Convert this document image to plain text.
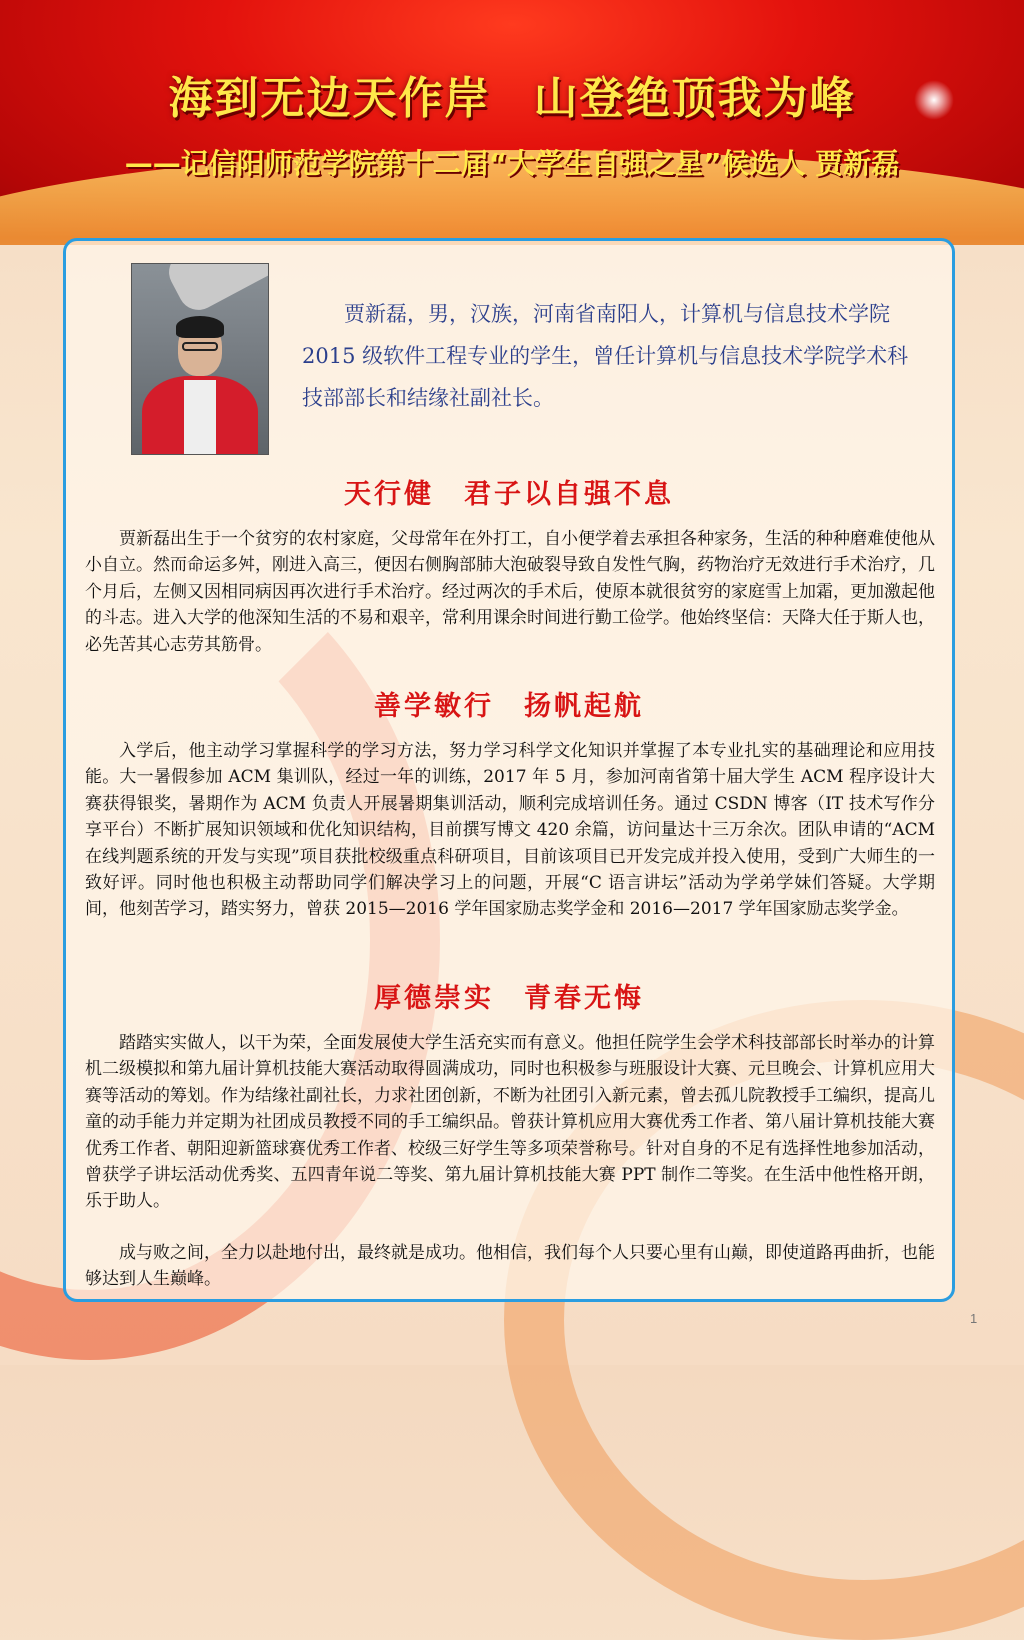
海到无边天作岸 山登绝顶我为峰
——记信阳师范学院第十二届“大学生自强之星”候选人 贾新磊

贾新磊，男，汉族，河南省南阳人，计算机与信息技术学院 2015 级软件工程专业的学生，曾任计算机与信息技术学院学术科技部部长和结缘社副社长。

天行健　君子以自强不息

贾新磊出生于一个贫穷的农村家庭，父母常年在外打工，自小便学着去承担各种家务，生活的种种磨难使他从小自立。然而命运多舛，刚进入高三，便因右侧胸部肺大泡破裂导致自发性气胸，药物治疗无效进行手术治疗，几个月后，左侧又因相同病因再次进行手术治疗。经过两次的手术后，使原本就很贫穷的家庭雪上加霜，更加激起他的斗志。进入大学的他深知生活的不易和艰辛，常利用课余时间进行勤工俭学。他始终坚信：天降大任于斯人也，必先苦其心志劳其筋骨。

善学敏行　扬帆起航

入学后，他主动学习掌握科学的学习方法，努力学习科学文化知识并掌握了本专业扎实的基础理论和应用技能。大一暑假参加 ACM 集训队，经过一年的训练，2017 年 5 月，参加河南省第十届大学生 ACM 程序设计大赛获得银奖，暑期作为 ACM 负责人开展暑期集训活动，顺利完成培训任务。通过 CSDN 博客（IT 技术写作分享平台）不断扩展知识领域和优化知识结构，目前撰写博文 420 余篇，访问量达十三万余次。团队申请的“ACM 在线判题系统的开发与实现”项目获批校级重点科研项目，目前该项目已开发完成并投入使用，受到广大师生的一致好评。同时他也积极主动帮助同学们解决学习上的问题，开展“C 语言讲坛”活动为学弟学妹们答疑。大学期间，他刻苦学习，踏实努力，曾获 2015—2016 学年国家励志奖学金和 2016—2017 学年国家励志奖学金。

厚德崇实　青春无悔

踏踏实实做人，以干为荣，全面发展使大学生活充实而有意义。他担任院学生会学术科技部部长时举办的计算机二级模拟和第九届计算机技能大赛活动取得圆满成功，同时也积极参与班服设计大赛、元旦晚会、计算机应用大赛等活动的筹划。作为结缘社副社长，力求社团创新，不断为社团引入新元素，曾去孤儿院教授手工编织，提高儿童的动手能力并定期为社团成员教授不同的手工编织品。曾获计算机应用大赛优秀工作者、第八届计算机技能大赛优秀工作者、朝阳迎新篮球赛优秀工作者、校级三好学生等多项荣誉称号。针对自身的不足有选择性地参加活动，曾获学子讲坛活动优秀奖、五四青年说二等奖、第九届计算机技能大赛 PPT 制作二等奖。在生活中他性格开朗，乐于助人。

成与败之间，全力以赴地付出，最终就是成功。他相信，我们每个人只要心里有山巅，即使道路再曲折，也能够达到人生巅峰。

1
